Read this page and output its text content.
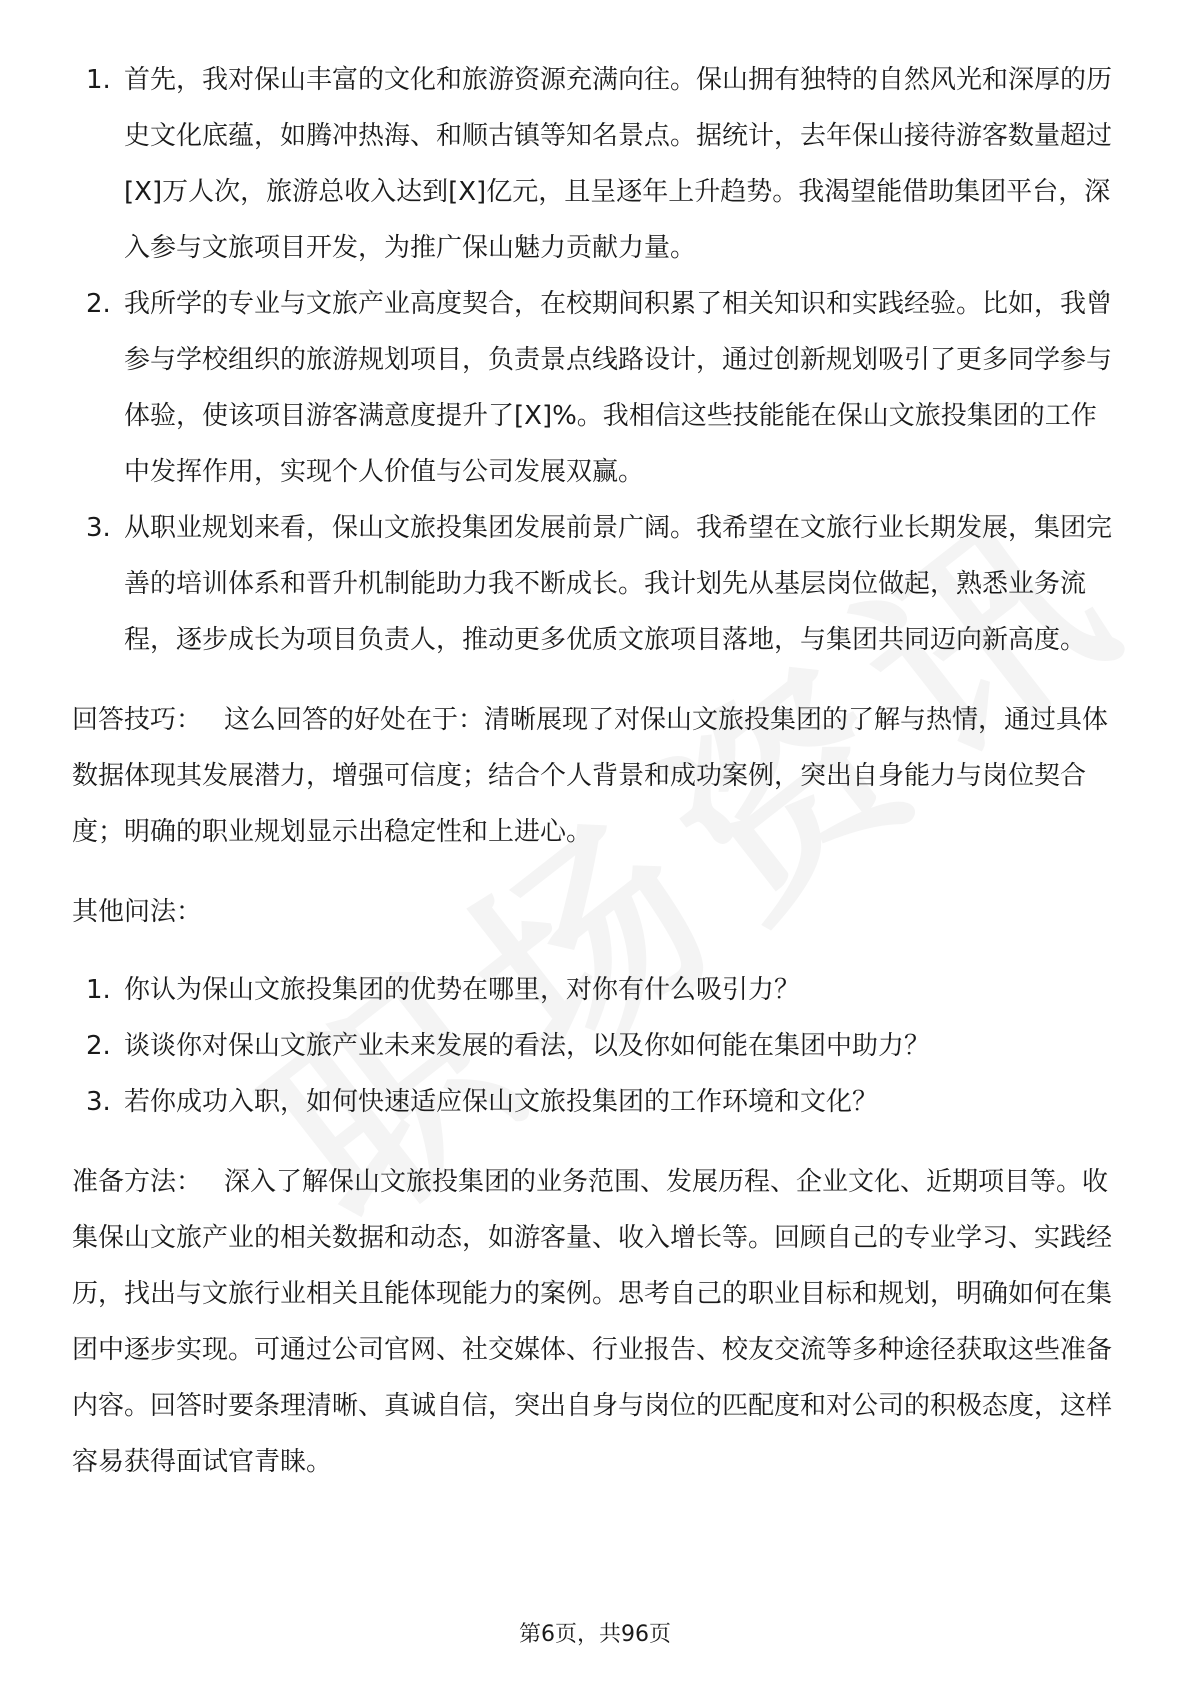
1. 首先，我对保山丰富的文化和旅游资源充满向往。保山拥有独特的自然风光和深厚的历史文化底蕴，如腾冲热海、和顺古镇等知名景点。据统计，去年保山接待游客数量超过[X]万人次，旅游总收入达到[X]亿元，且呈逐年上升趋势。我渴望能借助集团平台，深入参与文旅项目开发，为推广保山魅力贡献力量。
2. 我所学的专业与文旅产业高度契合，在校期间积累了相关知识和实践经验。比如，我曾参与学校组织的旅游规划项目，负责景点线路设计，通过创新规划吸引了更多同学参与体验，使该项目游客满意度提升了[X]%。我相信这些技能能在保山文旅投集团的工作中发挥作用，实现个人价值与公司发展双赢。
3. 从职业规划来看，保山文旅投集团发展前景广阔。我希望在文旅行业长期发展，集团完善的培训体系和晋升机制能助力我不断成长。我计划先从基层岗位做起，熟悉业务流程，逐步成长为项目负责人，推动更多优质文旅项目落地，与集团共同迈向新高度。

回答技巧： 这么回答的好处在于：清晰展现了对保山文旅投集团的了解与热情，通过具体数据体现其发展潜力，增强可信度；结合个人背景和成功案例，突出自身能力与岗位契合度；明确的职业规划显示出稳定性和上进心。

其他问法：

1. 你认为保山文旅投集团的优势在哪里，对你有什么吸引力？
2. 谈谈你对保山文旅产业未来发展的看法，以及你如何能在集团中助力？
3. 若你成功入职，如何快速适应保山文旅投集团的工作环境和文化？

准备方法： 深入了解保山文旅投集团的业务范围、发展历程、企业文化、近期项目等。收集保山文旅产业的相关数据和动态，如游客量、收入增长等。回顾自己的专业学习、实践经历，找出与文旅行业相关且能体现能力的案例。思考自己的职业目标和规划，明确如何在集团中逐步实现。可通过公司官网、社交媒体、行业报告、校友交流等多种途径获取这些准备内容。回答时要条理清晰、真诚自信，突出自身与岗位的匹配度和对公司的积极态度，这样容易获得面试官青睐。

第6页，共96页
